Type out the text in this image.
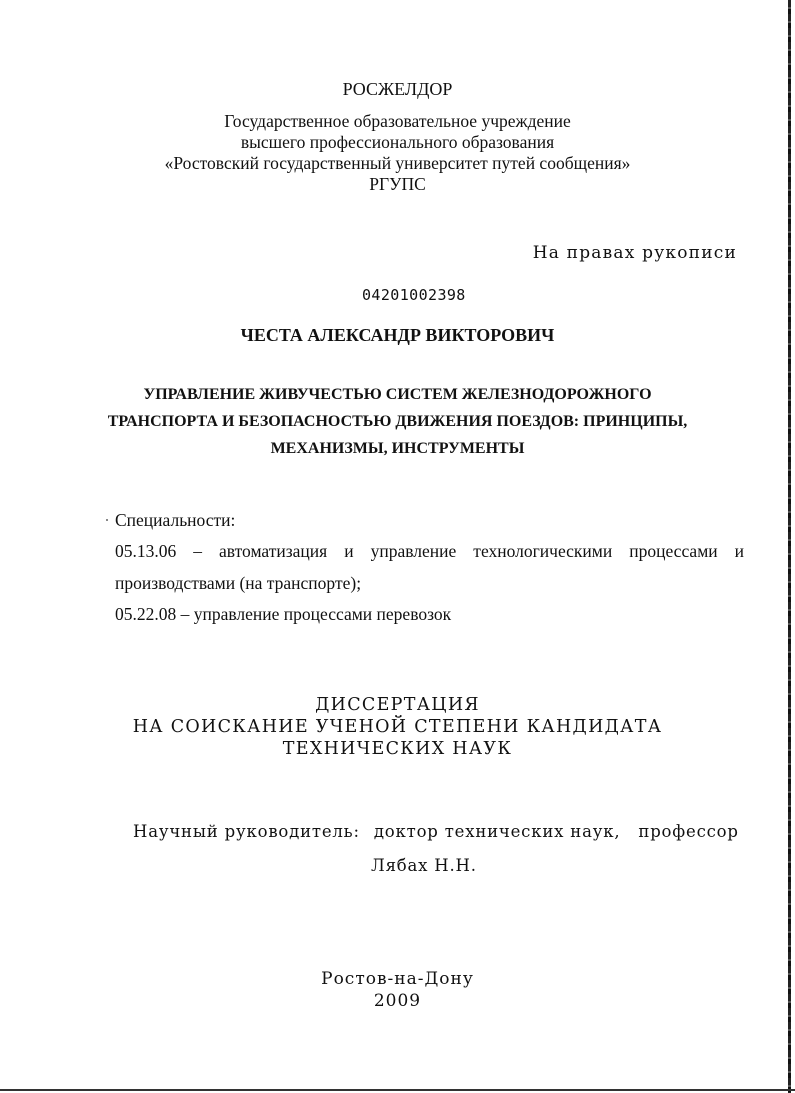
РОСЖЕЛДОР
Государственное образовательное учреждение
высшего профессионального образования
«Ростовский государственный университет путей сообщения»
РГУПС
На правах рукописи
04201002398
ЧЕСТА АЛЕКСАНДР ВИКТОРОВИЧ
УПРАВЛЕНИЕ ЖИВУЧЕСТЬЮ СИСТЕМ ЖЕЛЕЗНОДОРОЖНОГО
ТРАНСПОРТА И БЕЗОПАСНОСТЬЮ ДВИЖЕНИЯ ПОЕЗДОВ: ПРИНЦИПЫ,
МЕХАНИЗМЫ, ИНСТРУМЕНТЫ
Специальности:
05.13.06 – автоматизация и управление технологическими процессами и
производствами (на транспорте);
05.22.08 – управление процессами перевозок
ДИССЕРТАЦИЯ
НА СОИСКАНИЕ УЧЕНОЙ СТЕПЕНИ КАНДИДАТА
ТЕХНИЧЕСКИХ НАУК
Научный руководитель: доктор технических наук, профессор
Лябах Н.Н.
Ростов-на-Дону
2009
